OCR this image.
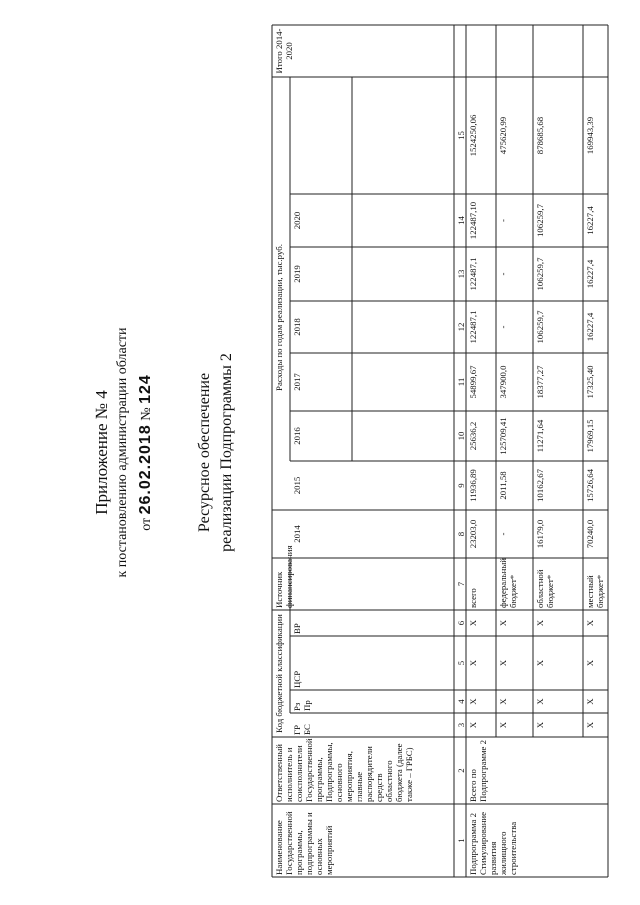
Приложение № 4 к постановлению администрации области от 26.02.2018 № 124	Ресурсное обеспечение реализации Подпрограммы 2
Наименование Государственной программы, подпрограммы и основных мероприятий
Ответственный исполнитель и соисполнители Государственной программы, Подпрограммы, основного мероприятия, главные распорядители средств областного бюджета (далее также – ГРБС)
Код бюджетной классификации ГР БС
Рз Пр
ЦСР
ВР
Источник финансирования
Расходы по годам реализации, тыс.руб.
2014
2015
2016
2017
2018
2019
2020
Итого 2014-2020
1
2
3
4
5
6
7
8
9
10
11
12
13
14
15
Подпрограмма 2 Стимулирование развития жилищного строительства
X
X
X
X
всего
23203,0
11936,89
25636,2
54899,67
122487,1
122487,1
122487,10
1524250,06
X
X
X
X
федеральный бюджет*
-
2011,58
125709,41
347900,0
-
-
-
475620,99
X
X
X
X
областной бюджет*
16179,0
10162,67
11271,64
18377,27
106259,7
106259,7
106259,7
878685,68
X
X
X
X
местный бюджет*
70240,0
15726,64
17969,15
17325,40
16227,4
16227,4
16227,4
169943,39
Всего по Подпрограмме 2
